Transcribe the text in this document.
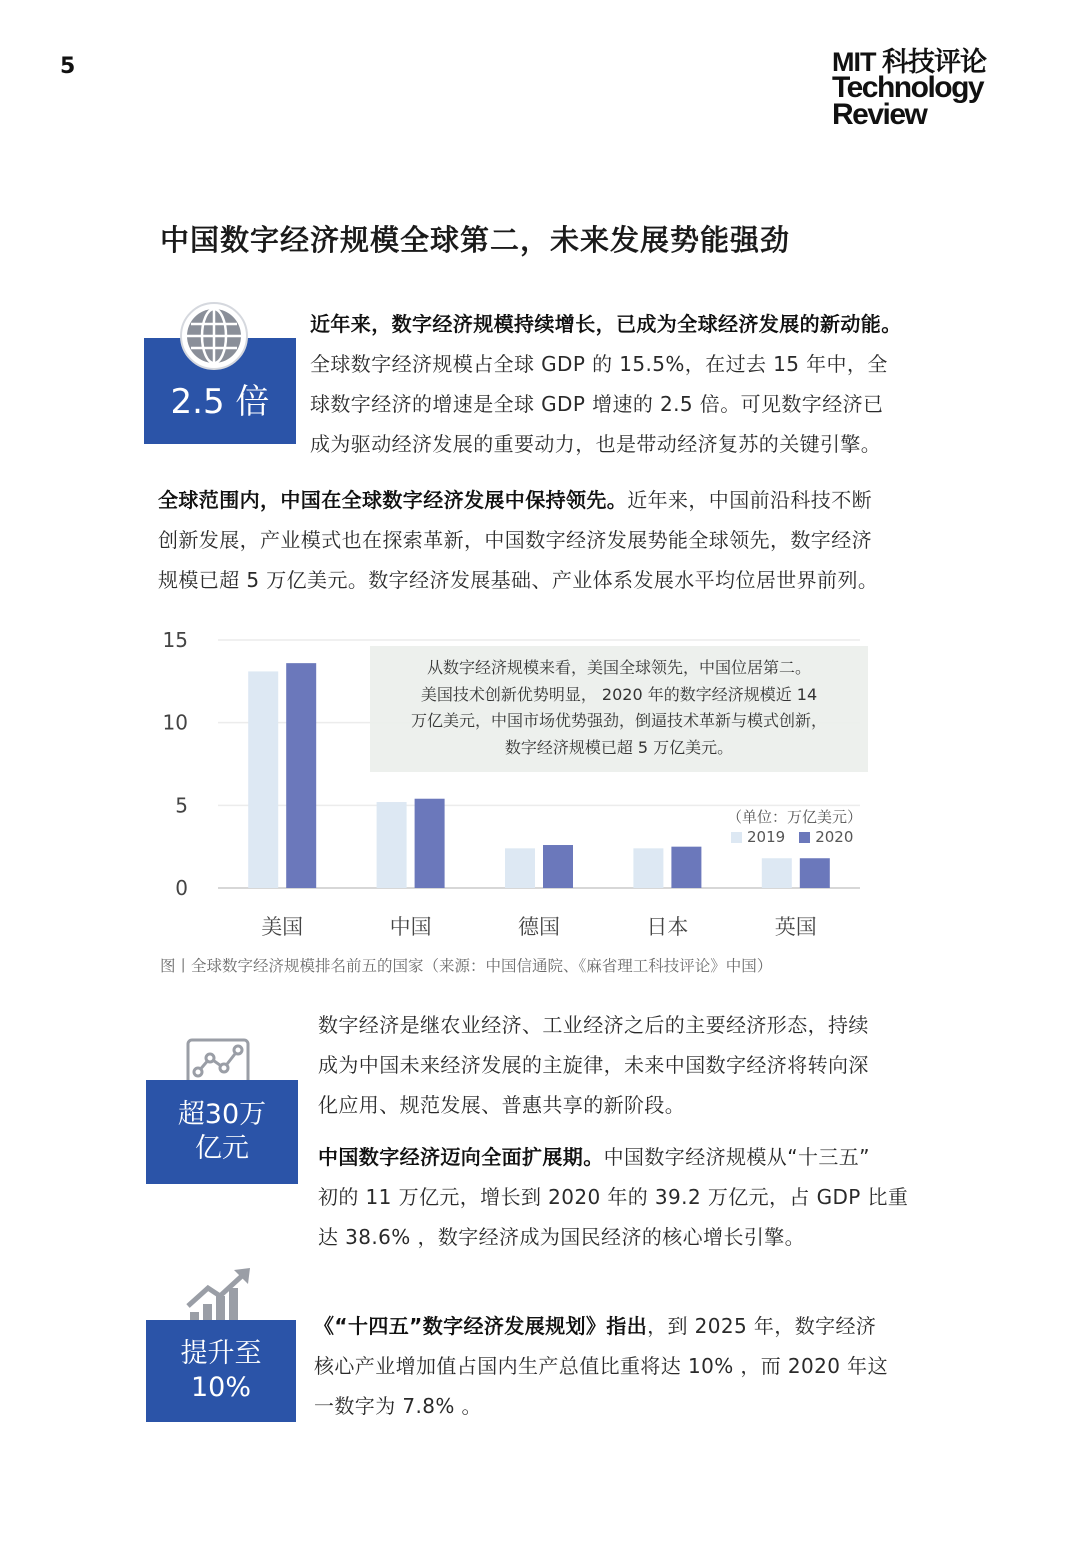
5	MIT 科技评论
Technology
Review
中国数字经济规模全球第二，未来发展势能强劲
2.5 倍
近年来，数字经济规模持续增长，已成为全球经济发展的新动能。
全球数字经济规模占全球 GDP 的 15.5%，在过去 15 年中，全
球数字经济的增速是全球 GDP 增速的 2.5 倍。可见数字经济已
成为驱动经济发展的重要动力，也是带动经济复苏的关键引擎。
全球范围内，中国在全球数字经济发展中保持领先。近年来，中国前沿科技不断
创新发展，产业模式也在探索革新，中国数字经济发展势能全球领先，数字经济
规模已超 5 万亿美元。数字经济发展基础、产业体系发展水平均位居世界前列。
0
5
10
15
美国	中国	德国	日本	英国
从数字经济规模来看，美国全球领先，中国位居第二。
美国技术创新优势明显， 2020 年的数字经济规模近 14
万亿美元，中国市场优势强劲，倒逼技术革新与模式创新，
数字经济规模已超 5 万亿美元。
（单位：万亿美元）
2019 2020
图丨全球数字经济规模排名前五的国家（来源：中国信通院、《麻省理工科技评论》中国）
超30万
亿元
数字经济是继农业经济、工业经济之后的主要经济形态，持续
成为中国未来经济发展的主旋律，未来中国数字经济将转向深
化应用、规范发展、普惠共享的新阶段。
中国数字经济迈向全面扩展期。中国数字经济规模从“十三五”
初的 11 万亿元，增长到 2020 年的 39.2 万亿元，占 GDP 比重
达 38.6% ，数字经济成为国民经济的核心增长引擎。
提升至
10%
《“十四五”数字经济发展规划》指出，到 2025 年，数字经济
核心产业增加值占国内生产总值比重将达 10% ，而 2020 年这
一数字为 7.8% 。
